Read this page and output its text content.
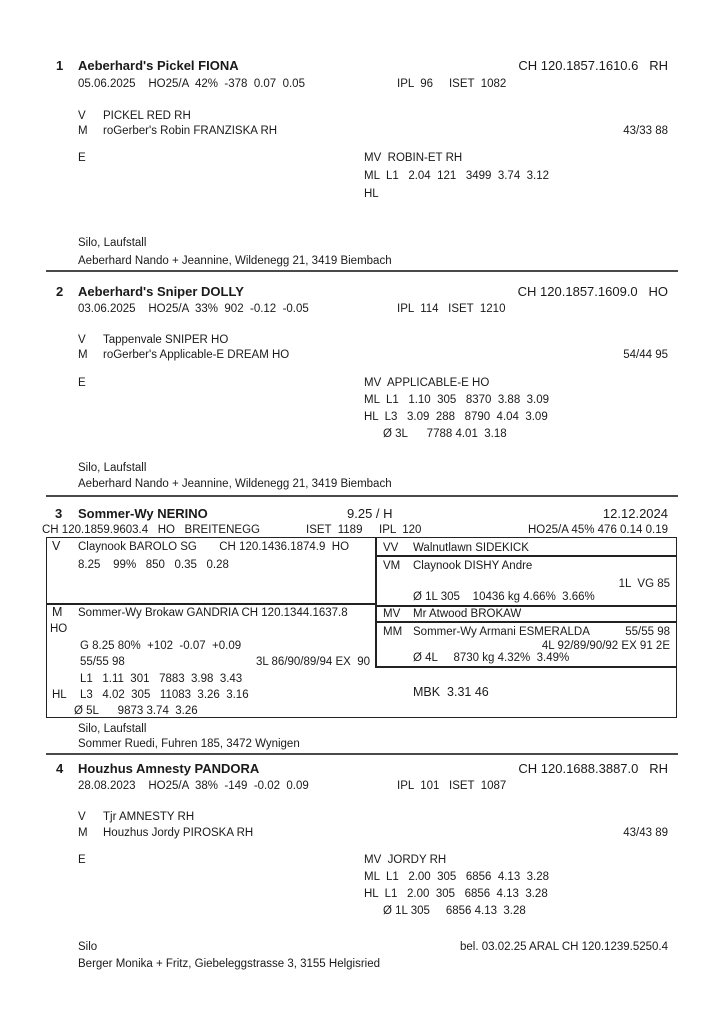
1 Aeberhard's Pickel FIONA	CH 120.1857.1610.6   RH
05.06.2025    HO25/A  42%  -378  0.07  0.05	IPL  96     ISET  1082
V PICKEL RED RH
M roGerber's Robin FRANZISKA RH	43/33 88
E	MV  ROBIN-ET RH
ML  L1   2.04  121   3499  3.74  3.12
HL
Silo, Laufstall
Aeberhard Nando + Jeannine, Wildenegg 21, 3419 Biembach
2 Aeberhard's Sniper DOLLY	CH 120.1857.1609.0   HO
03.06.2025    HO25/A  33%  902  -0.12  -0.05	IPL  114   ISET  1210
V Tappenvale SNIPER HO
M roGerber's Applicable-E DREAM HO	54/44 95
E	MV  APPLICABLE-E HO
ML  L1   1.10  305   8370  3.88  3.09
HL  L3   3.09  288   8790  4.04  3.09
Ø 3L      7788 4.01  3.18
Silo, Laufstall
Aeberhard Nando + Jeannine, Wildenegg 21, 3419 Biembach
3 Sommer-Wy NERINO	9.25 / H	12.12.2024
CH 120.1859.9603.4   HO   BREITENEGG	ISET  1189 IPL  120	HO25/A 45% 476 0.14 0.19
V Claynook BAROLO SG       CH 120.1436.1874.9  HO
8.25    99%   850   0.35   0.28
M Sommer-Wy Brokaw GANDRIA CH 120.1344.1637.8
HO
G 8.25 80%  +102  -0.07  +0.09
55/55 98	3L 86/90/89/94 EX  90
L1   1.11  301   7883  3.98  3.43
HL L3   4.02  305   11083  3.26  3.16
Ø 5L      9873 3.74  3.26
VV Walnutlawn SIDEKICK
VM Claynook DISHY Andre
1L  VG 85
Ø 1L 305    10436 kg 4.66%  3.66%
MV Mr Atwood BROKAW
MM Sommer-Wy Armani ESMERALDA	55/55 98
4L 92/89/90/92 EX 91 2E
Ø 4L     8730 kg 4.32%  3.49%
MBK  3.31 46
Silo, Laufstall
Sommer Ruedi, Fuhren 185, 3472 Wynigen
4 Houzhus Amnesty PANDORA	CH 120.1688.3887.0   RH
28.08.2023    HO25/A  38%  -149  -0.02  0.09	IPL  101   ISET  1087
V Tjr AMNESTY RH
M Houzhus Jordy PIROSKA RH	43/43 89
E	MV  JORDY RH
ML  L1   2.00  305   6856  4.13  3.28
HL  L1   2.00  305   6856  4.13  3.28
Ø 1L 305     6856 4.13  3.28
Silo	bel. 03.02.25 ARAL CH 120.1239.5250.4
Berger Monika + Fritz, Giebeleggstrasse 3, 3155 Helgisried
